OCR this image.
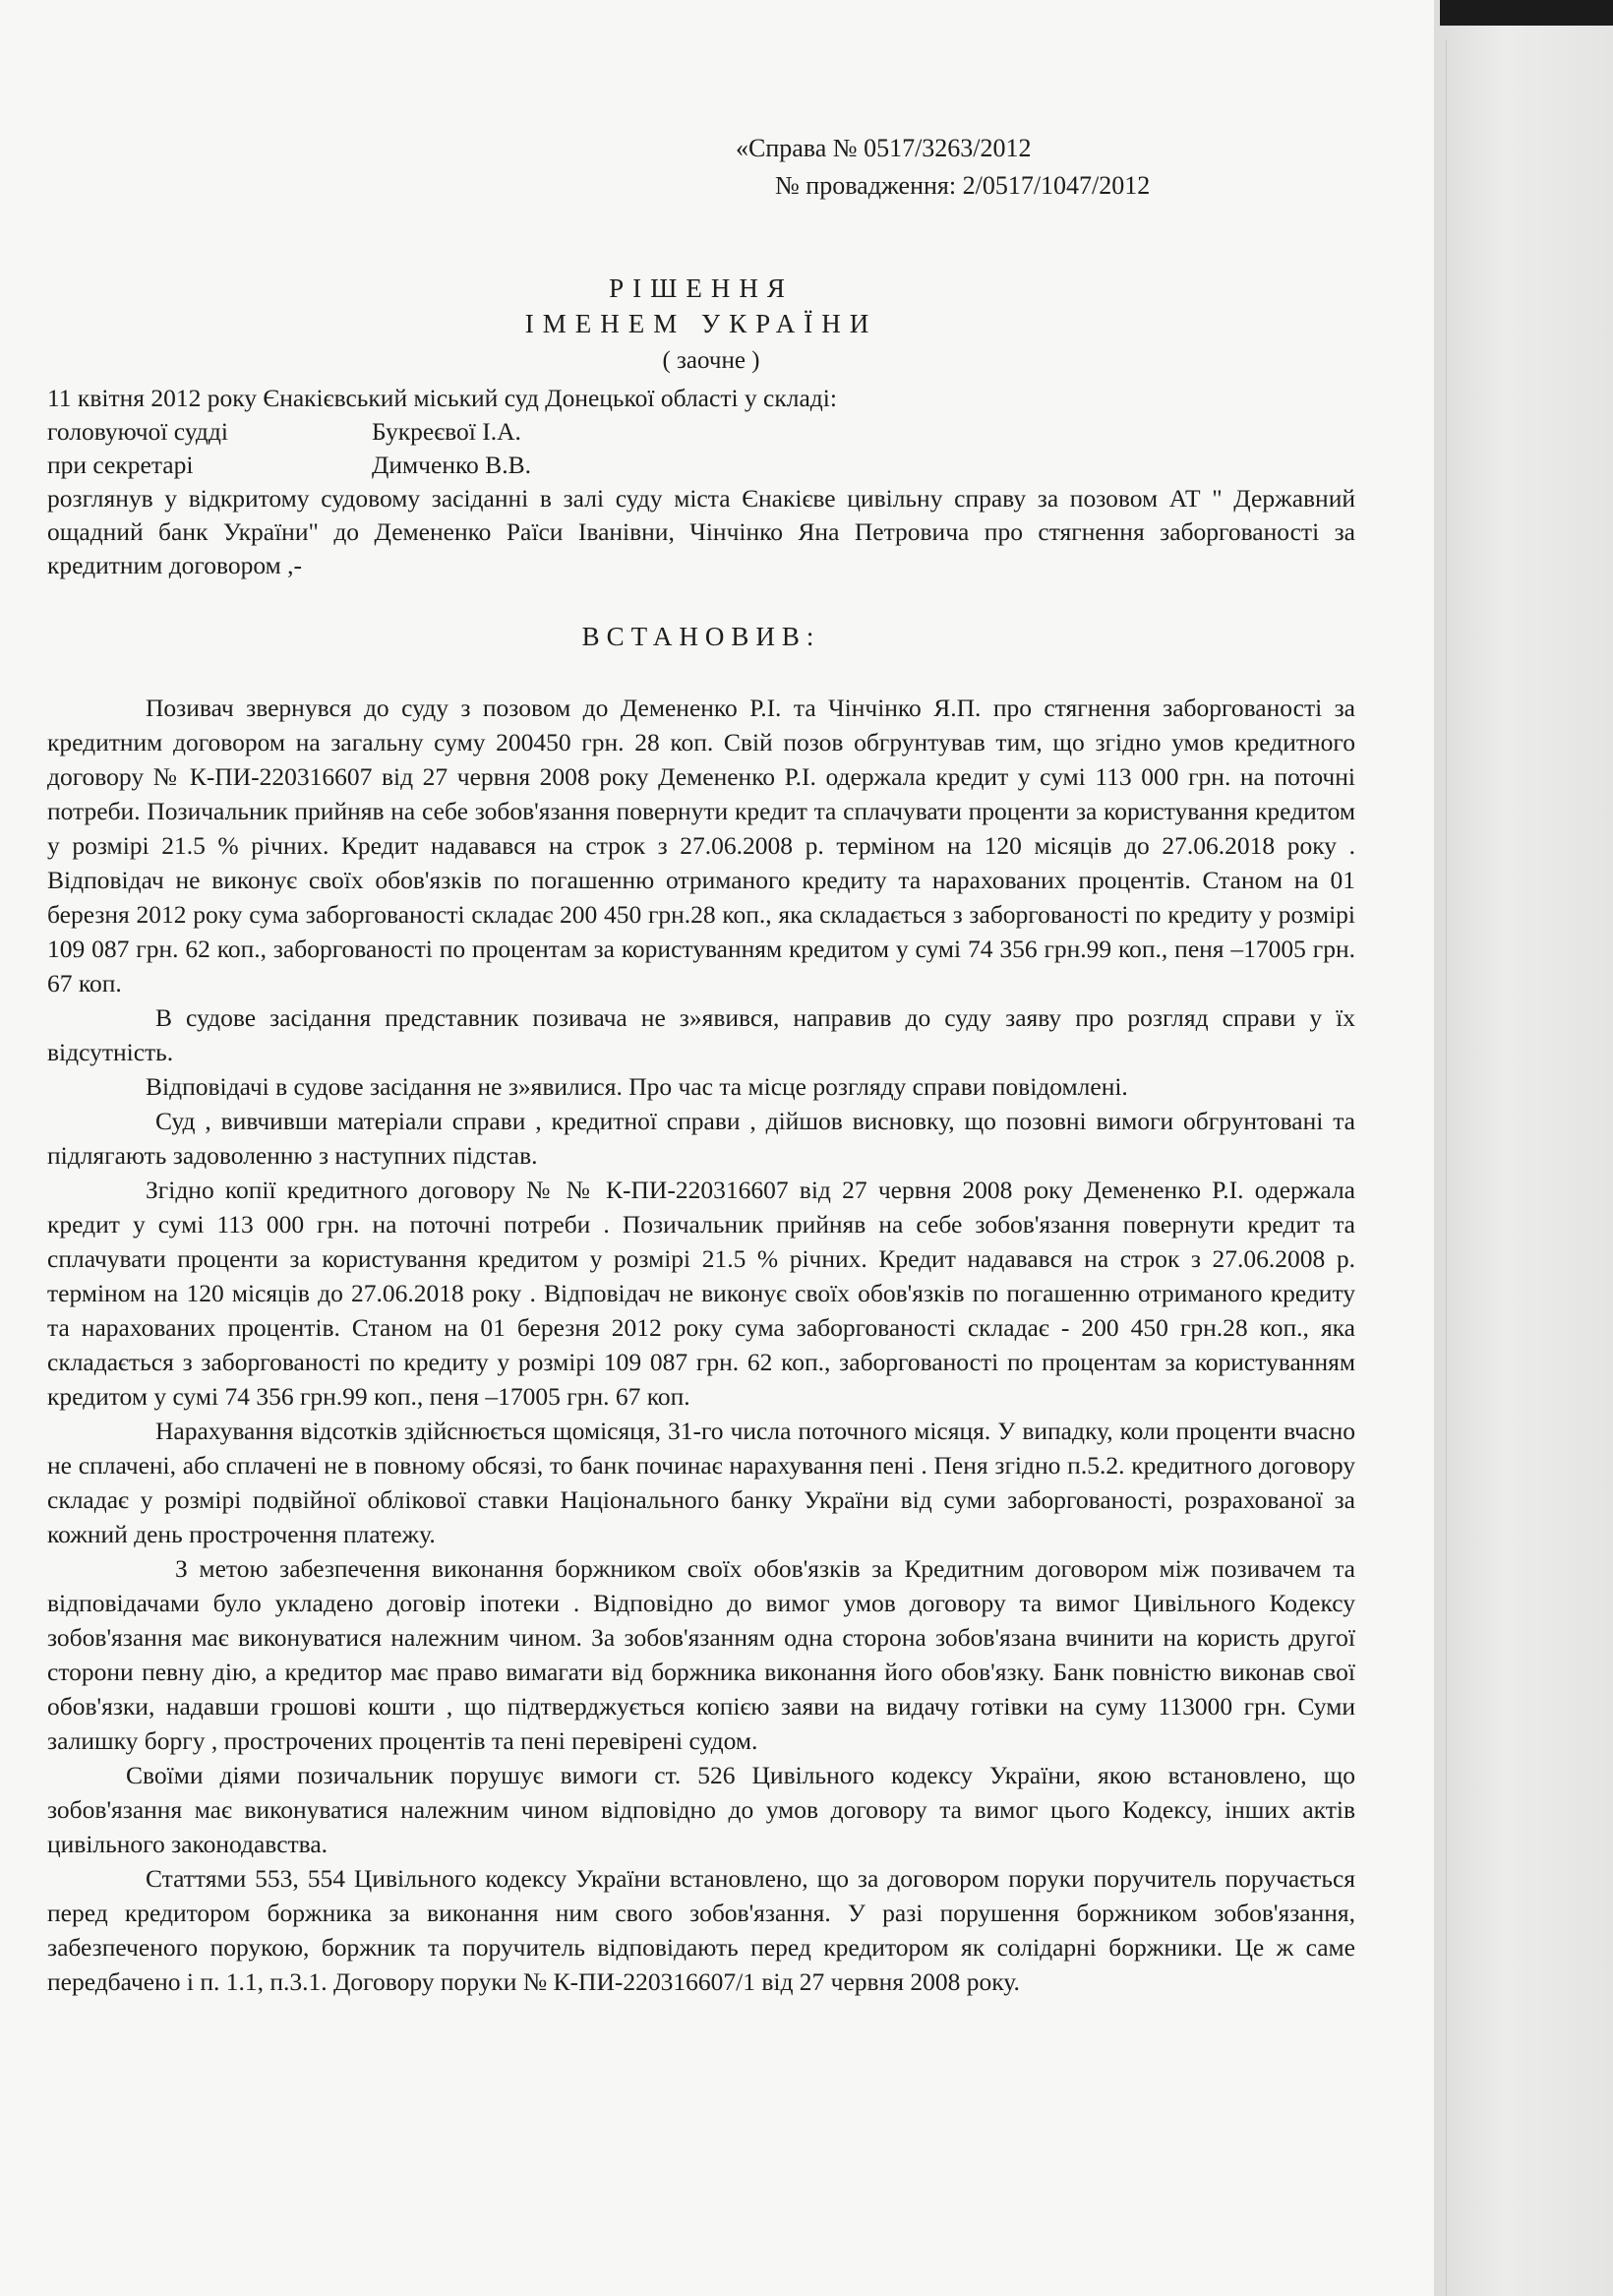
«Справа № 0517/3263/2012
№ провадження: 2/0517/1047/2012
РІШЕННЯ
ІМЕНЕМ УКРАЇНИ
( заочне )
11 квітня 2012 року Єнакієвський міський суд Донецької області у складі:
головуючої судді	Букреєвої І.А.
при секретарі	Димченко В.В.
розглянув у відкритому судовому засіданні в залі суду міста Єнакієве цивільну справу за позовом АТ " Державний ощадний банк України" до Демененко Раїси Іванівни, Чінчінко Яна Петровича про стягнення заборгованості за кредитним договором ,-
ВСТАНОВИВ:

Позивач звернувся до суду з позовом до Демененко Р.І. та Чінчінко Я.П. про стягнення заборгованості за кредитним договором на загальну суму 200450 грн. 28 коп. Свій позов обгрунтував тим, що згідно умов кредитного договору № К-ПИ-220316607 від 27 червня 2008 року Демененко Р.І. одержала кредит у сумі 113 000 грн. на поточні потреби. Позичальник прийняв на себе зобов'язання повернути кредит та сплачувати проценти за користування кредитом у розмірі 21.5 % річних. Кредит надавався на строк з 27.06.2008 р. терміном на 120 місяців до 27.06.2018 року . Відповідач не виконує своїх обов'язків по погашенню отриманого кредиту та нарахованих процентів. Станом на 01 березня 2012 року сума заборгованості складає 200 450 грн.28 коп., яка складається з заборгованості по кредиту у розмірі 109 087 грн. 62 коп., заборгованості по процентам за користуванням кредитом у сумі 74 356 грн.99 коп., пеня –17005 грн. 67 коп.

В судове засідання представник позивача не з»явився, направив до суду заяву про розгляд справи у їх відсутність.

Відповідачі в судове засідання не з»явилися. Про час та місце розгляду справи повідомлені.

Суд , вивчивши матеріали справи , кредитної справи , дійшов висновку, що позовні вимоги обгрунтовані та підлягають задоволенню з наступних підстав.

Згідно копії кредитного договору № № К-ПИ-220316607 від 27 червня 2008 року Демененко Р.І. одержала кредит у сумі 113 000 грн. на поточні потреби . Позичальник прийняв на себе зобов'язання повернути кредит та сплачувати проценти за користування кредитом у розмірі 21.5 % річних. Кредит надавався на строк з 27.06.2008 р. терміном на 120 місяців до 27.06.2018 року . Відповідач не виконує своїх обов'язків по погашенню отриманого кредиту та нарахованих процентів. Станом на 01 березня 2012 року сума заборгованості складає - 200 450 грн.28 коп., яка складається з заборгованості по кредиту у розмірі 109 087 грн. 62 коп., заборгованості по процентам за користуванням кредитом у сумі 74 356 грн.99 коп., пеня –17005 грн. 67 коп.

Нарахування відсотків здійснюється щомісяця, 31-го числа поточного місяця. У випадку, коли проценти вчасно не сплачені, або сплачені не в повному обсязі, то банк починає нарахування пені . Пеня згідно п.5.2. кредитного договору складає у розмірі подвійної облікової ставки Національного банку України від суми заборгованості, розрахованої за кожний день прострочення платежу.

З метою забезпечення виконання боржником своїх обов'язків за Кредитним договором між позивачем та відповідачами було укладено договір іпотеки . Відповідно до вимог умов договору та вимог Цивільного Кодексу зобов'язання має виконуватися належним чином. За зобов'язанням одна сторона зобов'язана вчинити на користь другої сторони певну дію, а кредитор має право вимагати від боржника виконання його обов'язку. Банк повністю виконав свої обов'язки, надавши грошові кошти , що підтверджується копією заяви на видачу готівки на суму 113000 грн. Суми залишку боргу , прострочених процентів та пені перевірені судом.

Своїми діями позичальник порушує вимоги ст. 526 Цивільного кодексу України, якою встановлено, що зобов'язання має виконуватися належним чином відповідно до умов договору та вимог цього Кодексу, інших актів цивільного законодавства.

Статтями 553, 554 Цивільного кодексу України встановлено, що за договором поруки поручитель поручається перед кредитором боржника за виконання ним свого зобов'язання. У разі порушення боржником зобов'язання, забезпеченого порукою, боржник та поручитель відповідають перед кредитором як солідарні боржники. Це ж саме передбачено і п. 1.1, п.3.1. Договору поруки № К-ПИ-220316607/1 від 27 червня 2008 року.
